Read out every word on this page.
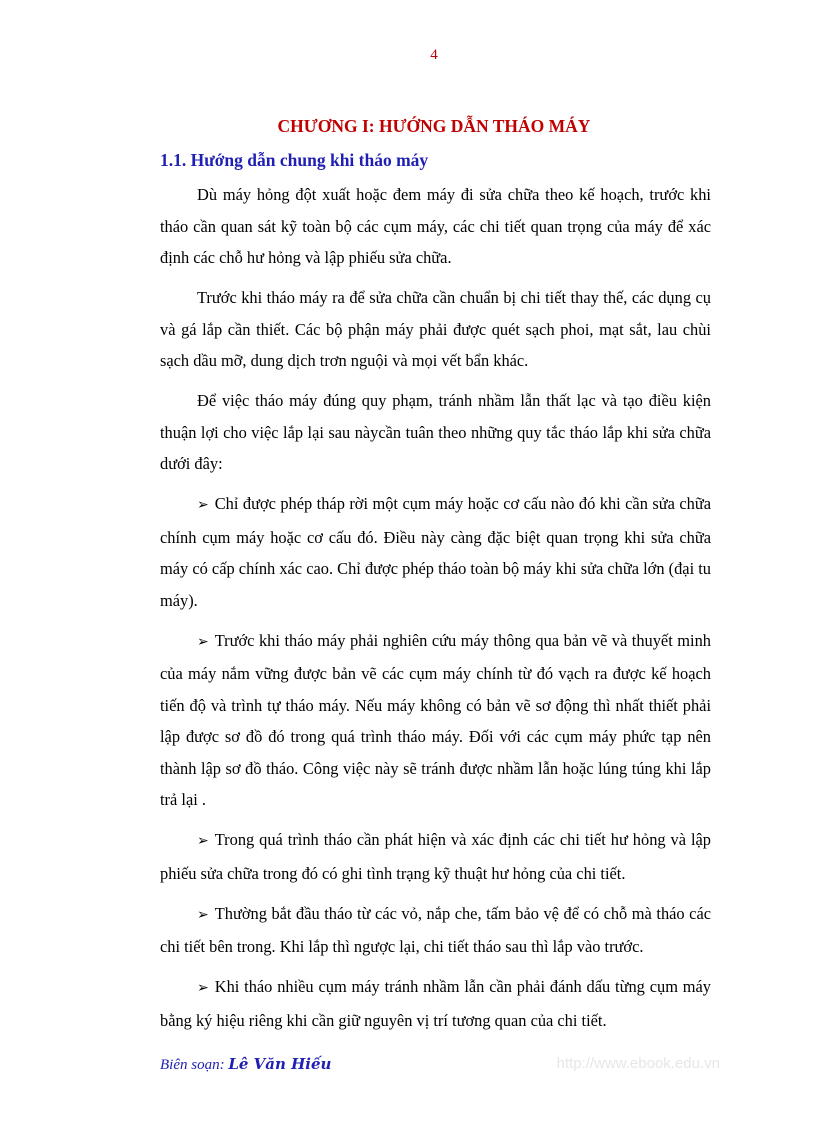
4
CHƯƠNG I: HƯỚNG DẪN THÁO MÁY
1.1. Hướng dẫn chung khi tháo máy

Dù máy hỏng đột xuất hoặc đem máy đi sửa chữa theo kế hoạch, trước khi tháo cần quan sát kỹ toàn bộ các cụm máy, các chi tiết quan trọng của máy để xác định các chỗ hư hỏng và lập phiếu sửa chữa.

Trước khi tháo máy ra để sửa chữa cần chuẩn bị chi tiết thay thế, các dụng cụ và gá lắp cần thiết. Các bộ phận máy phải được quét sạch phoi, mạt sắt, lau chùi sạch dầu mỡ, dung dịch trơn nguội và mọi vết bẩn khác.

Để việc tháo máy đúng quy phạm, tránh nhầm lẫn thất lạc và tạo điều kiện thuận lợi cho việc lắp lại sau nàycần tuân theo những quy tắc tháo lắp khi sửa chữa dưới đây:

➢ Chỉ được phép tháp rời một cụm máy hoặc cơ cấu nào đó khi cần sửa chữa chính cụm máy hoặc cơ cấu đó. Điều này càng đặc biệt quan trọng khi sửa chữa máy có cấp chính xác cao. Chỉ được phép tháo toàn bộ máy khi sửa chữa lớn (đại tu máy).

➢ Trước khi tháo máy phải nghiên cứu máy thông qua bản vẽ và thuyết minh của máy nắm vững được bản vẽ các cụm máy chính từ đó vạch ra được kế hoạch tiến độ và trình tự tháo máy. Nếu máy không có bản vẽ sơ động thì nhất thiết phải lập được sơ đồ đó trong quá trình tháo máy. Đối với các cụm máy phức tạp nên thành lập sơ đồ tháo. Công việc này sẽ tránh được nhầm lẫn hoặc lúng túng khi lắp trả lại .

➢ Trong quá trình tháo cần phát hiện và xác định các chi tiết hư hỏng và lập phiếu sửa chữa trong đó có ghi tình trạng kỹ thuật hư hỏng của chi tiết.

➢ Thường bắt đầu tháo từ các vỏ, nắp che, tấm bảo vệ để có chỗ mà tháo các chi tiết bên trong. Khi lắp thì ngược lại, chi tiết tháo sau thì lắp vào trước.

➢ Khi tháo nhiều cụm máy tránh nhầm lẫn cần phải đánh dấu từng cụm máy bằng ký hiệu riêng khi cần giữ nguyên vị trí tương quan của chi tiết.

Biên soạn: Lê Văn Hiếu	http://www.ebook.edu.vn
